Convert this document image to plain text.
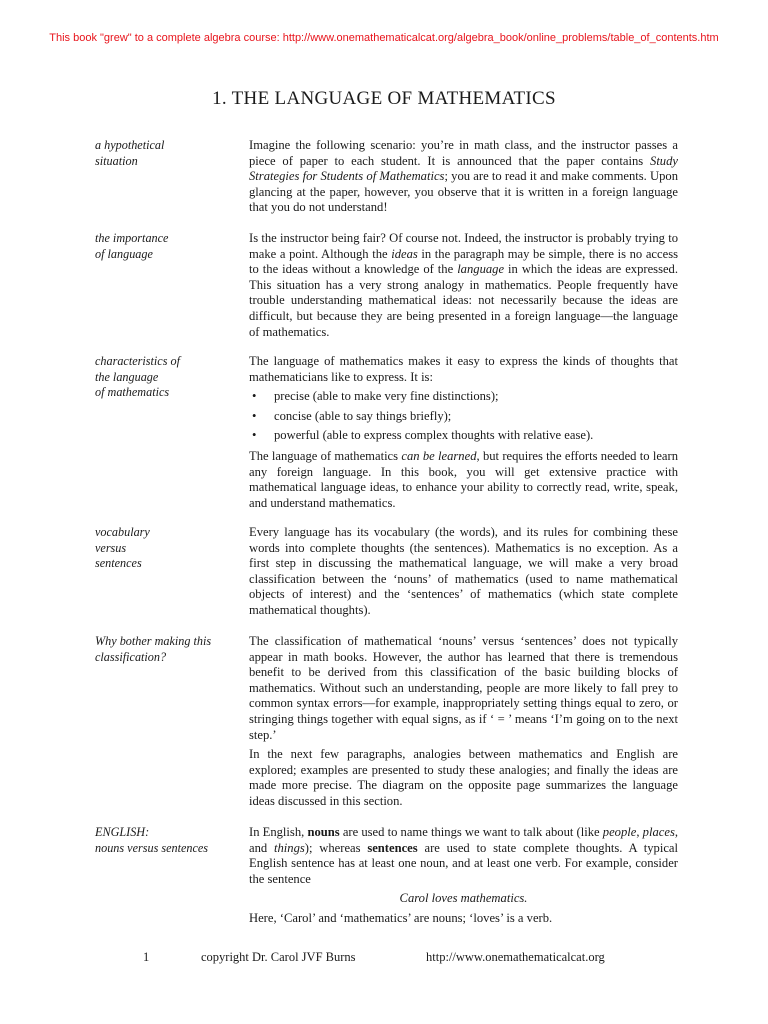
This book "grew" to a complete algebra course: http://www.onemathematicalcat.org/algebra_book/online_problems/table_of_contents.htm
1. THE LANGUAGE OF MATHEMATICS
a hypothetical
situation

Imagine the following scenario: you’re in math class, and the instructor passes a piece of paper to each student. It is announced that the paper contains Study Strategies for Students of Mathematics; you are to read it and make comments. Upon glancing at the paper, however, you observe that it is written in a foreign language that you do not understand!

the importance
of language

Is the instructor being fair? Of course not. Indeed, the instructor is probably trying to make a point. Although the ideas in the paragraph may be simple, there is no access to the ideas without a knowledge of the language in which the ideas are expressed. This situation has a very strong analogy in mathematics. People frequently have trouble understanding mathematical ideas: not necessarily because the ideas are difficult, but because they are being presented in a foreign language—the language of mathematics.

characteristics of
the language
of mathematics

The language of mathematics makes it easy to express the kinds of thoughts that mathematicians like to express. It is:

• precise (able to make very fine distinctions);
• concise (able to say things briefly);
• powerful (able to express complex thoughts with relative ease).

The language of mathematics can be learned, but requires the efforts needed to learn any foreign language. In this book, you will get extensive practice with mathematical language ideas, to enhance your ability to correctly read, write, speak, and understand mathematics.

vocabulary
versus
sentences

Every language has its vocabulary (the words), and its rules for combining these words into complete thoughts (the sentences). Mathematics is no exception. As a first step in discussing the mathematical language, we will make a very broad classification between the ‘nouns’ of mathematics (used to name mathematical objects of interest) and the ‘sentences’ of mathematics (which state complete mathematical thoughts).

Why bother making this
classification?

The classification of mathematical ‘nouns’ versus ‘sentences’ does not typically appear in math books. However, the author has learned that there is tremendous benefit to be derived from this classification of the basic building blocks of mathematics. Without such an understanding, people are more likely to fall prey to common syntax errors—for example, inappropriately setting things equal to zero, or stringing things together with equal signs, as if ‘ = ’ means ‘I’m going on to the next step.’

In the next few paragraphs, analogies between mathematics and English are explored; examples are presented to study these analogies; and finally the ideas are made more precise. The diagram on the opposite page summarizes the language ideas discussed in this section.

ENGLISH:
nouns versus sentences

In English, nouns are used to name things we want to talk about (like people, places, and things); whereas sentences are used to state complete thoughts. A typical English sentence has at least one noun, and at least one verb. For example, consider the sentence

Carol loves mathematics.

Here, ‘Carol’ and ‘mathematics’ are nouns; ‘loves’ is a verb.

1	copyright Dr. Carol JVF Burns	http://www.onemathematicalcat.org
